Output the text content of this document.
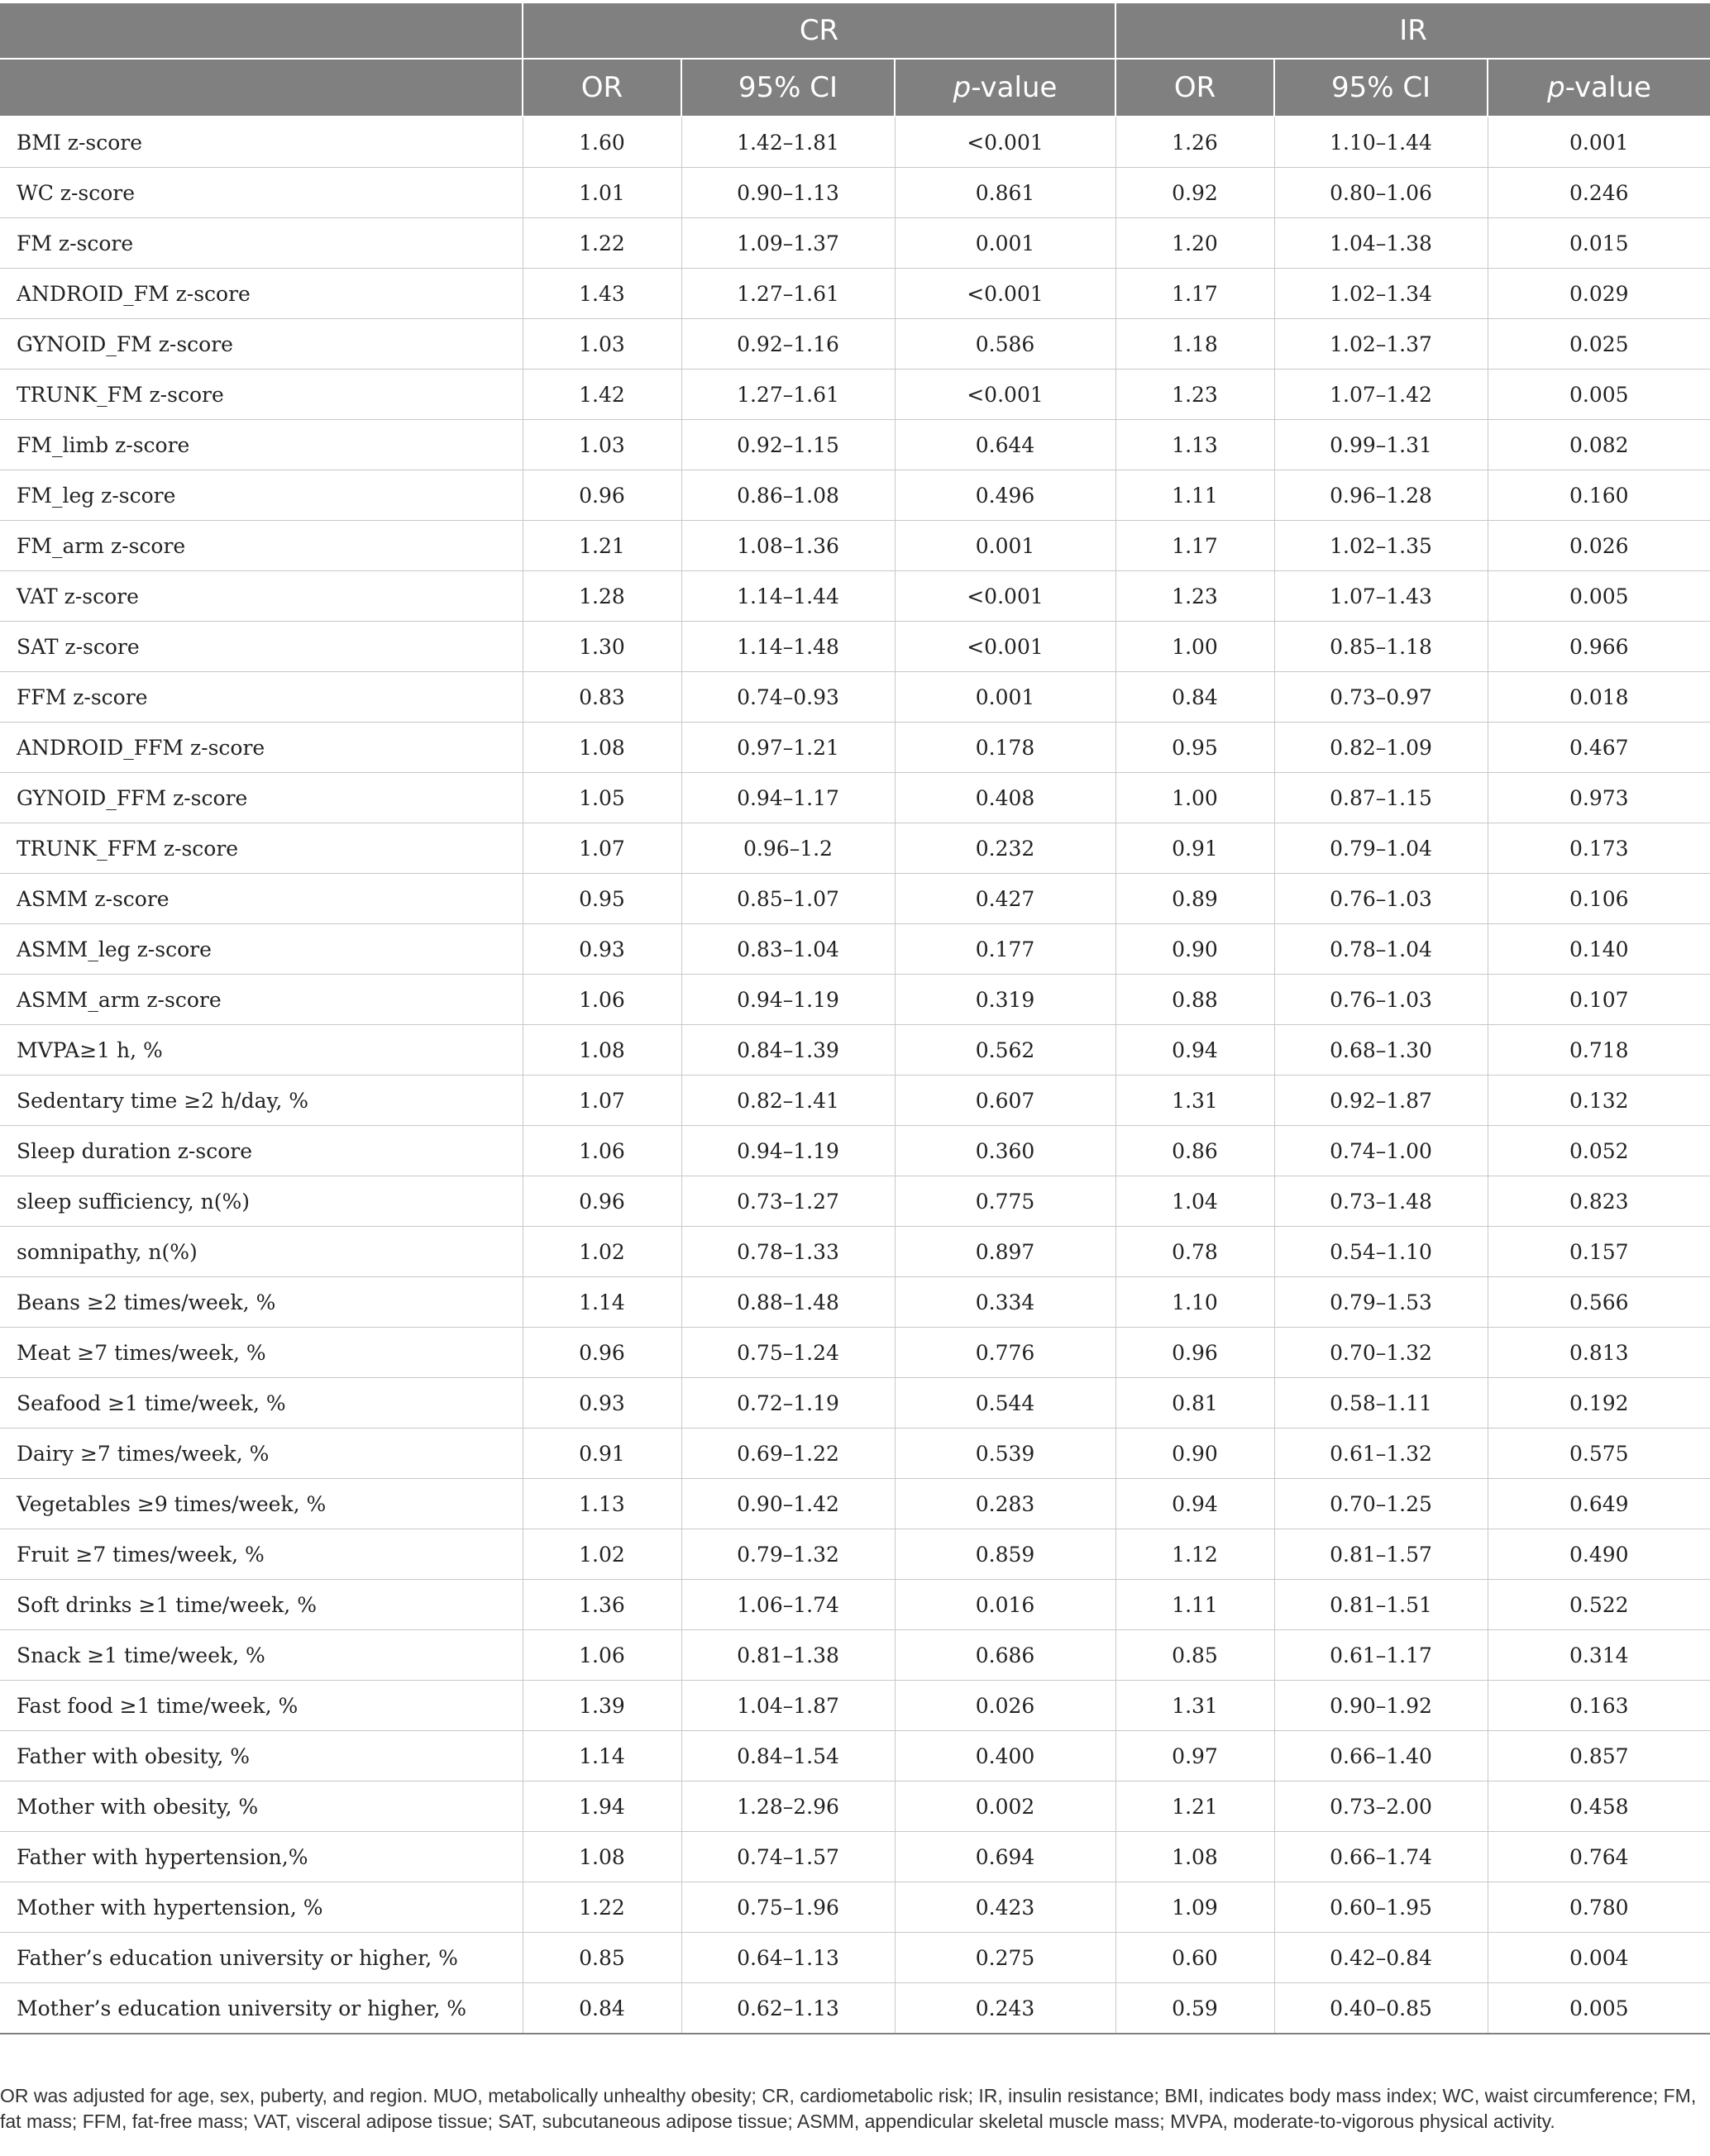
	CR			IR		
	OR	95% CI	p-value	OR	95% CI	p-value
BMI z-score	1.60	1.42–1.81	<0.001	1.26	1.10–1.44	0.001
WC z-score	1.01	0.90–1.13	0.861	0.92	0.80–1.06	0.246
FM z-score	1.22	1.09–1.37	0.001	1.20	1.04–1.38	0.015
ANDROID_FM z-score	1.43	1.27–1.61	<0.001	1.17	1.02–1.34	0.029
GYNOID_FM z-score	1.03	0.92–1.16	0.586	1.18	1.02–1.37	0.025
TRUNK_FM z-score	1.42	1.27–1.61	<0.001	1.23	1.07–1.42	0.005
FM_limb z-score	1.03	0.92–1.15	0.644	1.13	0.99–1.31	0.082
FM_leg z-score	0.96	0.86–1.08	0.496	1.11	0.96–1.28	0.160
FM_arm z-score	1.21	1.08–1.36	0.001	1.17	1.02–1.35	0.026
VAT z-score	1.28	1.14–1.44	<0.001	1.23	1.07–1.43	0.005
SAT z-score	1.30	1.14–1.48	<0.001	1.00	0.85–1.18	0.966
FFM z-score	0.83	0.74–0.93	0.001	0.84	0.73–0.97	0.018
ANDROID_FFM z-score	1.08	0.97–1.21	0.178	0.95	0.82–1.09	0.467
GYNOID_FFM z-score	1.05	0.94–1.17	0.408	1.00	0.87–1.15	0.973
TRUNK_FFM z-score	1.07	0.96–1.2	0.232	0.91	0.79–1.04	0.173
ASMM z-score	0.95	0.85–1.07	0.427	0.89	0.76–1.03	0.106
ASMM_leg z-score	0.93	0.83–1.04	0.177	0.90	0.78–1.04	0.140
ASMM_arm z-score	1.06	0.94–1.19	0.319	0.88	0.76–1.03	0.107
MVPA≥1 h, %	1.08	0.84–1.39	0.562	0.94	0.68–1.30	0.718
Sedentary time ≥2 h/day, %	1.07	0.82–1.41	0.607	1.31	0.92–1.87	0.132
Sleep duration z-score	1.06	0.94–1.19	0.360	0.86	0.74–1.00	0.052
sleep sufficiency, n(%)	0.96	0.73–1.27	0.775	1.04	0.73–1.48	0.823
somnipathy, n(%)	1.02	0.78–1.33	0.897	0.78	0.54–1.10	0.157
Beans ≥2 times/week, %	1.14	0.88–1.48	0.334	1.10	0.79–1.53	0.566
Meat ≥7 times/week, %	0.96	0.75–1.24	0.776	0.96	0.70–1.32	0.813
Seafood ≥1 time/week, %	0.93	0.72–1.19	0.544	0.81	0.58–1.11	0.192
Dairy ≥7 times/week, %	0.91	0.69–1.22	0.539	0.90	0.61–1.32	0.575
Vegetables ≥9 times/week, %	1.13	0.90–1.42	0.283	0.94	0.70–1.25	0.649
Fruit ≥7 times/week, %	1.02	0.79–1.32	0.859	1.12	0.81–1.57	0.490
Soft drinks ≥1 time/week, %	1.36	1.06–1.74	0.016	1.11	0.81–1.51	0.522
Snack ≥1 time/week, %	1.06	0.81–1.38	0.686	0.85	0.61–1.17	0.314
Fast food ≥1 time/week, %	1.39	1.04–1.87	0.026	1.31	0.90–1.92	0.163
Father with obesity, %	1.14	0.84–1.54	0.400	0.97	0.66–1.40	0.857
Mother with obesity, %	1.94	1.28–2.96	0.002	1.21	0.73–2.00	0.458
Father with hypertension,%	1.08	0.74–1.57	0.694	1.08	0.66–1.74	0.764
Mother with hypertension, %	1.22	0.75–1.96	0.423	1.09	0.60–1.95	0.780
Father’s education university or higher, %	0.85	0.64–1.13	0.275	0.60	0.42–0.84	0.004
Mother’s education university or higher, %	0.84	0.62–1.13	0.243	0.59	0.40–0.85	0.005
OR was adjusted for age, sex, puberty, and region. MUO, metabolically unhealthy obesity; CR, cardiometabolic risk; IR, insulin resistance; BMI, indicates body mass index; WC, waist circumference; FM, fat mass; FFM, fat-free mass; VAT, visceral adipose tissue; SAT, subcutaneous adipose tissue; ASMM, appendicular skeletal muscle mass; MVPA, moderate-to-vigorous physical activity.
